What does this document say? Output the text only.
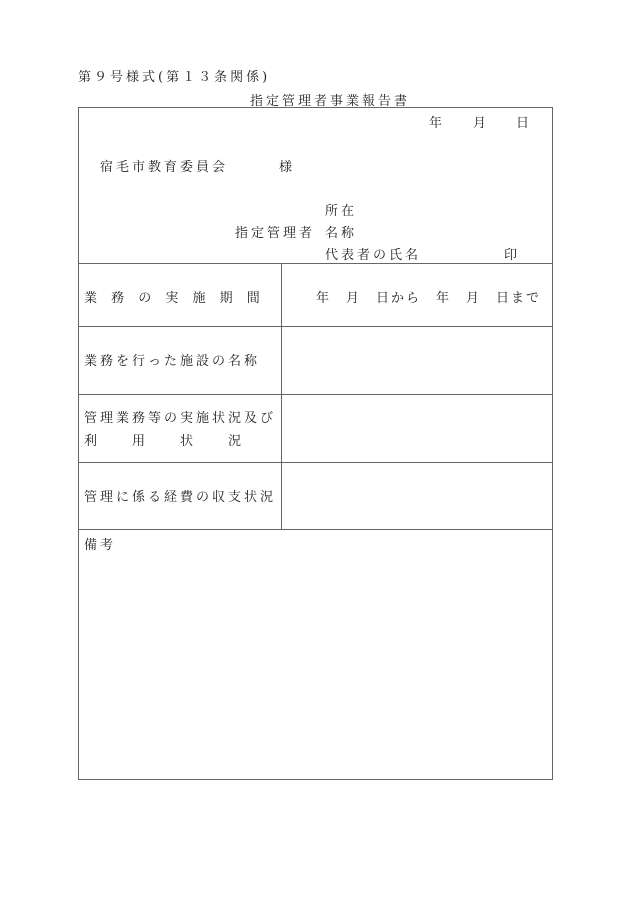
第９号様式(第１３条関係)
指定管理者事業報告書
年 月 日
宿毛市教育委員会	様
所在
指定管理者 名称
代表者の氏名	印
業 務 の 実 施 期 間	年　月　日から　年　月　日まで
業務を行った施設の名称
管理業務等の実施状況及び
利　　用　　状　　況
管理に係る経費の収支状況
備考
